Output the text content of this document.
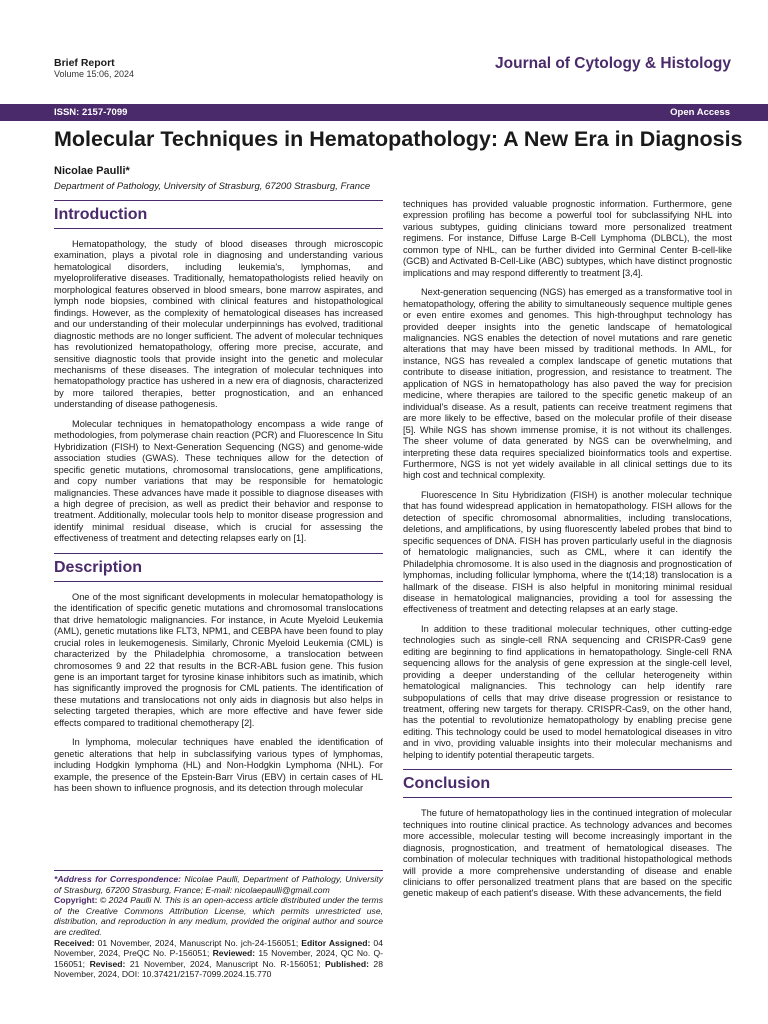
Brief Report
Volume 15:06, 2024
Journal of Cytology & Histology
ISSN: 2157-7099	Open Access
Molecular Techniques in Hematopathology: A New Era in Diagnosis
Nicolae Paulli*
Department of Pathology, University of Strasburg, 67200 Strasburg, France
Introduction

Hematopathology, the study of blood diseases through microscopic examination, plays a pivotal role in diagnosing and understanding various hematological disorders, including leukemia's, lymphomas, and myeloproliferative diseases. Traditionally, hematopathologists relied heavily on morphological features observed in blood smears, bone marrow aspirates, and lymph node biopsies, combined with clinical features and histopathological findings. However, as the complexity of hematological diseases has increased and our understanding of their molecular underpinnings has evolved, traditional diagnostic methods are no longer sufficient. The advent of molecular techniques has revolutionized hematopathology, offering more precise, accurate, and sensitive diagnostic tools that provide insight into the genetic and molecular mechanisms of these diseases. The integration of molecular techniques into hematopathology practice has ushered in a new era of diagnosis, characterized by more tailored therapies, better prognostication, and an enhanced understanding of disease pathogenesis.

Molecular techniques in hematopathology encompass a wide range of methodologies, from polymerase chain reaction (PCR) and Fluorescence In Situ Hybridization (FISH) to Next-Generation Sequencing (NGS) and genome-wide association studies (GWAS). These techniques allow for the detection of specific genetic mutations, chromosomal translocations, gene amplifications, and copy number variations that may be responsible for hematologic malignancies. These advances have made it possible to diagnose diseases with a high degree of precision, as well as predict their behavior and response to treatment. Additionally, molecular tools help to monitor disease progression and identify minimal residual disease, which is crucial for assessing the effectiveness of treatment and detecting relapses early on [1].

Description

One of the most significant developments in molecular hematopathology is the identification of specific genetic mutations and chromosomal translocations that drive hematologic malignancies. For instance, in Acute Myeloid Leukemia (AML), genetic mutations like FLT3, NPM1, and CEBPA have been found to play crucial roles in leukemogenesis. Similarly, Chronic Myeloid Leukemia (CML) is characterized by the Philadelphia chromosome, a translocation between chromosomes 9 and 22 that results in the BCR-ABL fusion gene. This fusion gene is an important target for tyrosine kinase inhibitors such as imatinib, which has significantly improved the prognosis for CML patients. The identification of these mutations and translocations not only aids in diagnosis but also helps in selecting targeted therapies, which are more effective and have fewer side effects compared to traditional chemotherapy [2].

In lymphoma, molecular techniques have enabled the identification of genetic alterations that help in subclassifying various types of lymphomas, including Hodgkin lymphoma (HL) and Non-Hodgkin Lymphoma (NHL). For example, the presence of the Epstein-Barr Virus (EBV) in certain cases of HL has been shown to influence prognosis, and its detection through molecular

techniques has provided valuable prognostic information. Furthermore, gene expression profiling has become a powerful tool for subclassifying NHL into various subtypes, guiding clinicians toward more personalized treatment regimens. For instance, Diffuse Large B-Cell Lymphoma (DLBCL), the most common type of NHL, can be further divided into Germinal Center B-cell-like (GCB) and Activated B-Cell-Like (ABC) subtypes, which have distinct prognostic implications and may respond differently to treatment [3,4].

Next-generation sequencing (NGS) has emerged as a transformative tool in hematopathology, offering the ability to simultaneously sequence multiple genes or even entire exomes and genomes. This high-throughput technology has provided deeper insights into the genetic landscape of hematological malignancies. NGS enables the detection of novel mutations and rare genetic alterations that may have been missed by traditional methods. In AML, for instance, NGS has revealed a complex landscape of genetic mutations that contribute to disease initiation, progression, and resistance to treatment. The application of NGS in hematopathology has also paved the way for precision medicine, where therapies are tailored to the specific genetic makeup of an individual's disease. As a result, patients can receive treatment regimens that are more likely to be effective, based on the molecular profile of their disease [5]. While NGS has shown immense promise, it is not without its challenges. The sheer volume of data generated by NGS can be overwhelming, and interpreting these data requires specialized bioinformatics tools and expertise. Furthermore, NGS is not yet widely available in all clinical settings due to its high cost and technical complexity.

Fluorescence In Situ Hybridization (FISH) is another molecular technique that has found widespread application in hematopathology. FISH allows for the detection of specific chromosomal abnormalities, including translocations, deletions, and amplifications, by using fluorescently labeled probes that bind to specific sequences of DNA. FISH has proven particularly useful in the diagnosis of hematologic malignancies, such as CML, where it can identify the Philadelphia chromosome. It is also used in the diagnosis and prognostication of lymphomas, including follicular lymphoma, where the t(14;18) translocation is a hallmark of the disease. FISH is also helpful in monitoring minimal residual disease in hematological malignancies, providing a tool for assessing the effectiveness of treatment and detecting relapses at an early stage.

In addition to these traditional molecular techniques, other cutting-edge technologies such as single-cell RNA sequencing and CRISPR-Cas9 gene editing are beginning to find applications in hematopathology. Single-cell RNA sequencing allows for the analysis of gene expression at the single-cell level, providing a deeper understanding of the cellular heterogeneity within hematological malignancies. This technology can help identify rare subpopulations of cells that may drive disease progression or resistance to treatment, offering new targets for therapy. CRISPR-Cas9, on the other hand, has the potential to revolutionize hematopathology by enabling precise gene editing. This technology could be used to model hematological diseases in vitro and in vivo, providing valuable insights into their molecular mechanisms and helping to identify potential therapeutic targets.

Conclusion

The future of hematopathology lies in the continued integration of molecular techniques into routine clinical practice. As technology advances and becomes more accessible, molecular testing will become increasingly important in the diagnosis, prognostication, and treatment of hematological diseases. The combination of molecular techniques with traditional histopathological methods will provide a more comprehensive understanding of disease and enable clinicians to offer personalized treatment plans that are based on the specific genetic makeup of each patient's disease. With these advancements, the field

*Address for Correspondence: Nicolae Paulli, Department of Pathology, University of Strasburg, 67200 Strasburg, France; E-mail: nicolaepaulli@gmail.com
Copyright: © 2024 Paulli N. This is an open-access article distributed under the terms of the Creative Commons Attribution License, which permits unrestricted use, distribution, and reproduction in any medium, provided the original author and source are credited.
Received: 01 November, 2024, Manuscript No. jch-24-156051; Editor Assigned: 04 November, 2024, PreQC No. P-156051; Reviewed: 15 November, 2024, QC No. Q-156051; Revised: 21 November, 2024, Manuscript No. R-156051; Published: 28 November, 2024, DOI: 10.37421/2157-7099.2024.15.770
